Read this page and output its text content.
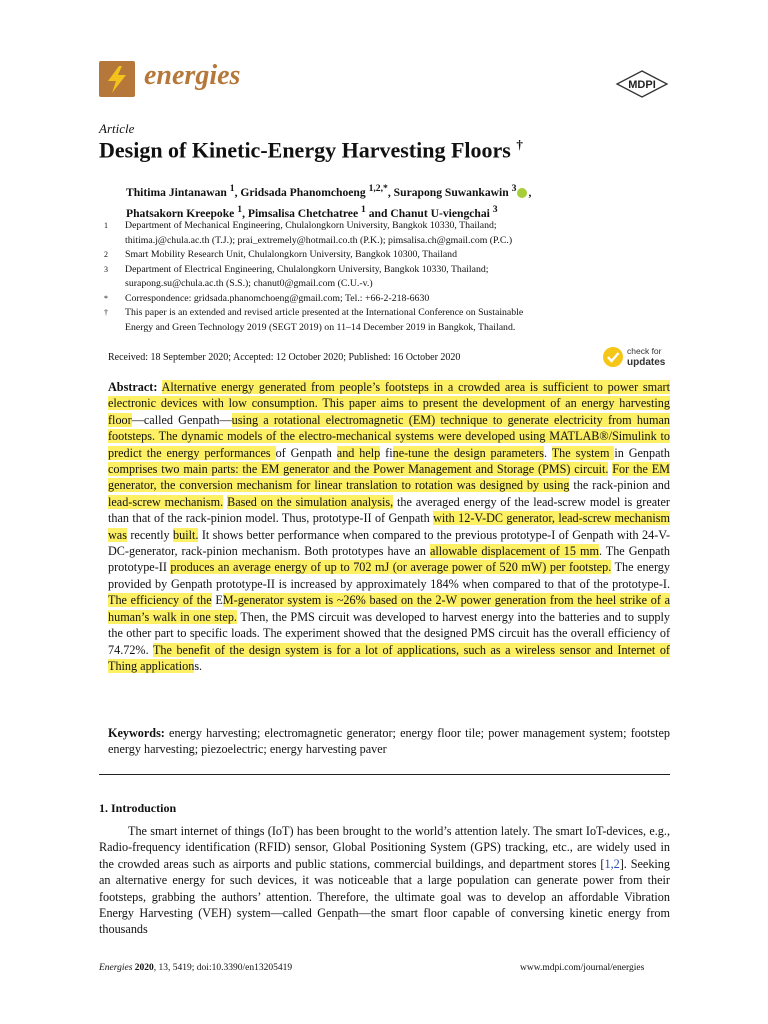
energies	MDPI
Article
Design of Kinetic-Energy Harvesting Floors †
Thitima Jintanawan $^1$, Gridsada Phanomchoeng $^{1,2,*}$, Surapong Suwankawin $^3$ ,
Phatsakorn Kreepoke $^1$, Pimsalisa Chetchatree $^1$ and Chanut U-viengchai $^3$
1	Department of Mechanical Engineering, Chulalongkorn University, Bangkok 10330, Thailand;
thitima.j@chula.ac.th (T.J.); prai_extremely@hotmail.co.th (P.K.); pimsalisa.ch@gmail.com (P.C.)
2	Smart Mobility Research Unit, Chulalongkorn University, Bangkok 10300, Thailand
3	Department of Electrical Engineering, Chulalongkorn University, Bangkok 10330, Thailand;
surapong.su@chula.ac.th (S.S.); chanut0@gmail.com (C.U.-v.)
*	Correspondence: gridsada.phanomchoeng@gmail.com; Tel.: +66-2-218-6630
†	This paper is an extended and revised article presented at the International Conference on Sustainable
Energy and Green Technology 2019 (SEGT 2019) on 11–14 December 2019 in Bangkok, Thailand.
Received: 18 September 2020; Accepted: 12 October 2020; Published: 16 October 2020
check for
updates
Abstract: Alternative energy generated from people’s footsteps in a crowded area is sufficient to power smart electronic devices with low consumption. This paper aims to present the development of an energy harvesting floor—called Genpath—using a rotational electromagnetic (EM) technique to generate electricity from human footsteps. The dynamic models of the electro-mechanical systems were developed using MATLAB®/Simulink to predict the energy performances of Genpath and help fine-tune the design parameters. The system in Genpath comprises two main parts: the EM generator and the Power Management and Storage (PMS) circuit. For the EM generator, the conversion mechanism for linear translation to rotation was designed by using the rack-pinion and lead-screw mechanism. Based on the simulation analysis, the averaged energy of the lead-screw model is greater than that of the rack-pinion model. Thus, prototype-II of Genpath with 12-V-DC generator, lead-screw mechanism was recently built. It shows better performance when compared to the previous prototype-I of Genpath with 24-V-DC-generator, rack-pinion mechanism. Both prototypes have an allowable displacement of 15 mm. The Genpath prototype-II produces an average energy of up to 702 mJ (or average power of 520 mW) per footstep. The energy provided by Genpath prototype-II is increased by approximately 184% when compared to that of the prototype-I. The efficiency of the EM-generator system is ~26% based on the 2-W power generation from the heel strike of a human’s walk in one step. Then, the PMS circuit was developed to harvest energy into the batteries and to supply the other part to specific loads. The experiment showed that the designed PMS circuit has the overall efficiency of 74.72%. The benefit of the design system is for a lot of applications, such as a wireless sensor and Internet of Thing applications.
Keywords: energy harvesting; electromagnetic generator; energy floor tile; power management system; footstep energy harvesting; piezoelectric; energy harvesting paver
1. Introduction
The smart internet of things (IoT) has been brought to the world’s attention lately. The smart IoT-devices, e.g., Radio-frequency identification (RFID) sensor, Global Positioning System (GPS) tracking, etc., are widely used in the crowded areas such as airports and public stations, commercial buildings, and department stores [1,2]. Seeking an alternative energy for such devices, it was noticeable that a large population can generate power from their footsteps, grabbing the authors’ attention. Therefore, the ultimate goal was to develop an affordable Vibration Energy Harvesting (VEH) system—called Genpath—the smart floor capable of conversing kinetic energy from thousands
Energies 2020, 13, 5419; doi:10.3390/en13205419	www.mdpi.com/journal/energies
